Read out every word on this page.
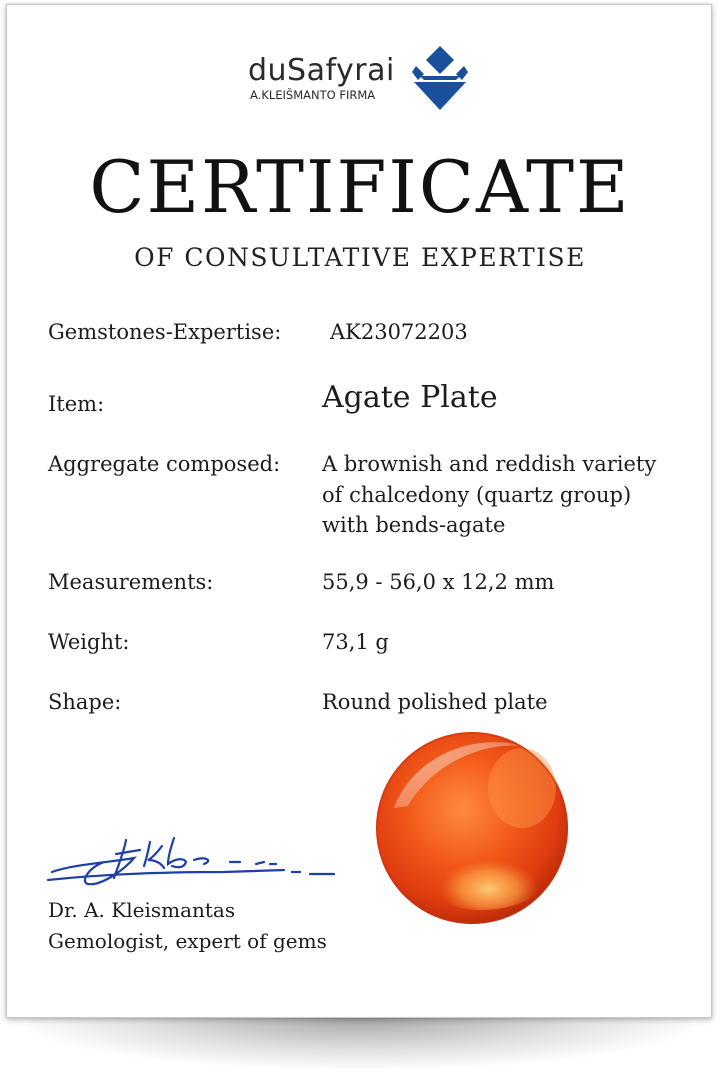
duSafyrai
A.KLEIŠMANTO FIRMA
CERTIFICATE
OF CONSULTATIVE EXPERTISE
Gemstones-Expertise: AK23072203
Item:	Agate Plate
Aggregate composed: A brownish and reddish variety
of chalcedony (quartz group)
with bends-agate
Measurements:	55,9 - 56,0 x 12,2 mm
Weight:	73,1 g
Shape:	Round polished plate
Dr. A. Kleismantas
Gemologist, expert of gems
